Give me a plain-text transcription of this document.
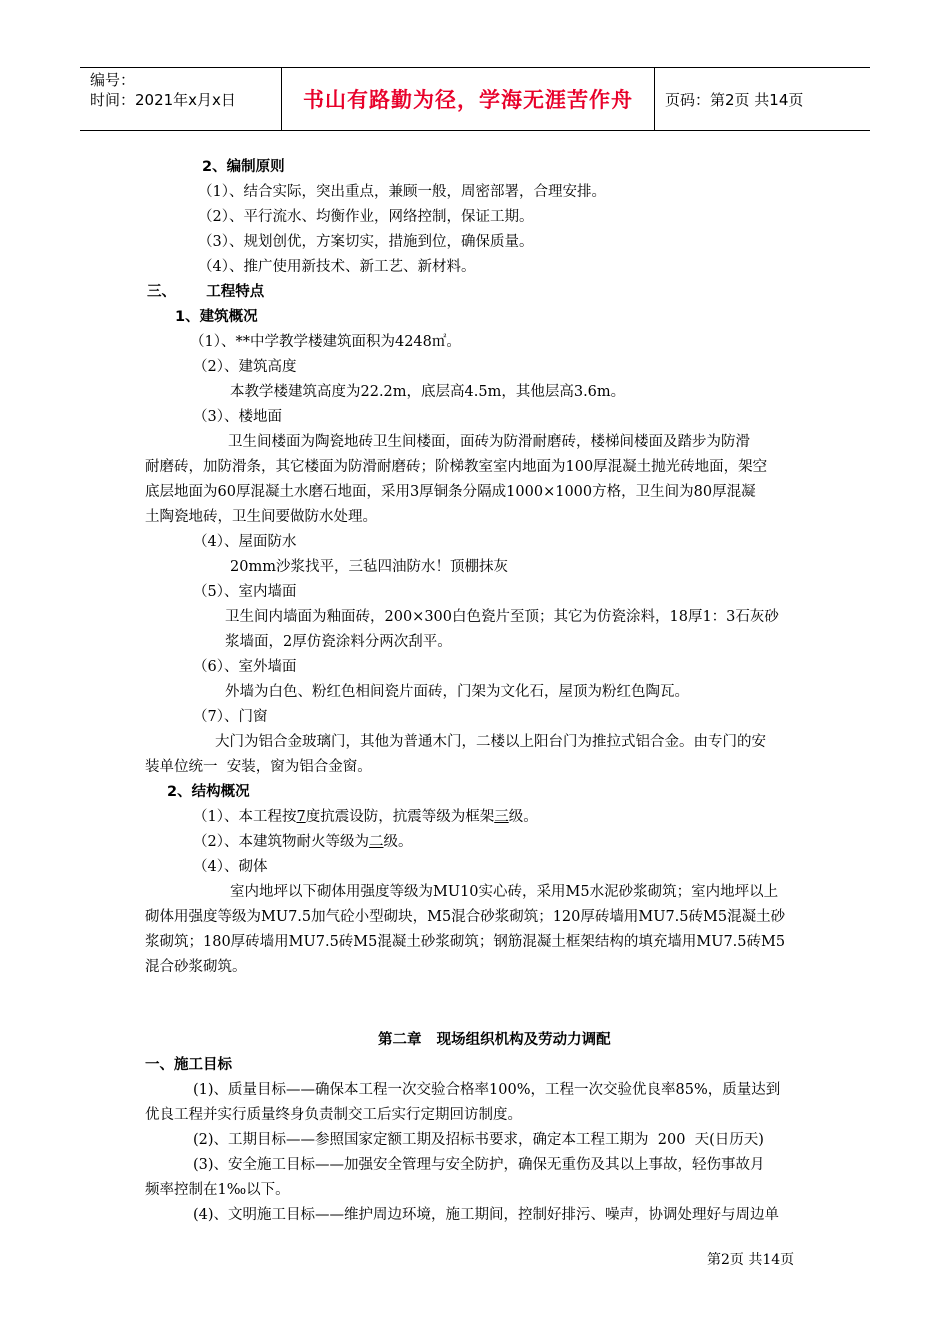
编号：
时间：2021年x月x日	书山有路勤为径，学海无涯苦作舟	页码：第2页 共14页
2、编制原则
（1）、结合实际，突出重点，兼顾一般，周密部署，合理安排。
（2）、平行流水、均衡作业，网络控制，保证工期。
（3）、规划创优，方案切实，措施到位，确保质量。
（4）、推广使用新技术、新工艺、新材料。
三、      工程特点
1、建筑概况
（1）、**中学教学楼建筑面积为4248㎡。
（2）、建筑高度
本教学楼建筑高度为22.2m，底层高4.5m，其他层高3.6m。
（3）、楼地面
卫生间楼面为陶瓷地砖卫生间楼面，面砖为防滑耐磨砖，楼梯间楼面及踏步为防滑
耐磨砖，加防滑条，其它楼面为防滑耐磨砖；阶梯教室室内地面为100厚混凝土抛光砖地面，架空
底层地面为60厚混凝土水磨石地面，采用3厚铜条分隔成1000×1000方格，卫生间为80厚混凝
土陶瓷地砖，卫生间要做防水处理。
（4）、屋面防水
20mm沙浆找平，三毡四油防水！顶棚抹灰
（5）、室内墙面
卫生间内墙面为釉面砖，200×300白色瓷片至顶；其它为仿瓷涂料，18厚1：3石灰砂
浆墙面，2厚仿瓷涂料分两次刮平。
（6）、室外墙面
外墙为白色、粉红色相间瓷片面砖，门架为文化石，屋顶为粉红色陶瓦。
（7）、门窗
大门为铝合金玻璃门，其他为普通木门，二楼以上阳台门为推拉式铝合金。由专门的安
装单位统一  安装，窗为铝合金窗。
2、结构概况
（1）、本工程按7度抗震设防，抗震等级为框架三级。
（2）、本建筑物耐火等级为二级。
（4）、砌体
室内地坪以下砌体用强度等级为MU10实心砖，采用M5水泥砂浆砌筑；室内地坪以上
砌体用强度等级为MU7.5加气砼小型砌块，M5混合砂浆砌筑；120厚砖墙用MU7.5砖M5混凝土砂
浆砌筑；180厚砖墙用MU7.5砖M5混凝土砂浆砌筑；钢筋混凝土框架结构的填充墙用MU7.5砖M5
混合砂浆砌筑。
第二章   现场组织机构及劳动力调配
一、施工目标
(1)、质量目标——确保本工程一次交验合格率100%，工程一次交验优良率85%，质量达到
优良工程并实行质量终身负责制交工后实行定期回访制度。
(2)、工期目标——参照国家定额工期及招标书要求，确定本工程工期为  200  天(日历天)
(3)、安全施工目标——加强安全管理与安全防护，确保无重伤及其以上事故，轻伤事故月
频率控制在1‰以下。
(4)、文明施工目标——维护周边环境，施工期间，控制好排污、噪声，协调处理好与周边单
第2页 共14页
